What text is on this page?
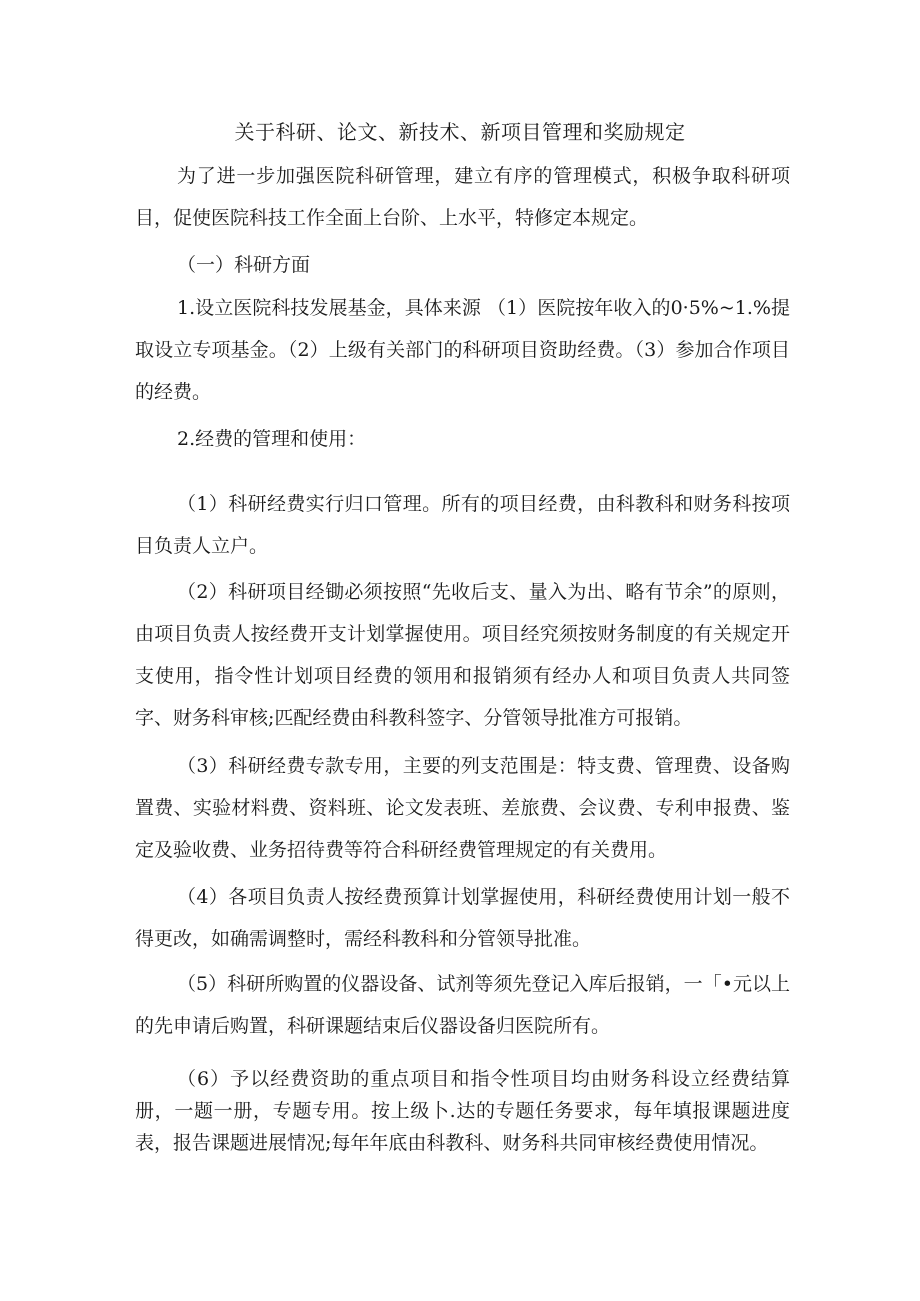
关于科研、论文、新技术、新项目管理和奖励规定

为了进一步加强医院科研管理，建立有序的管理模式，积极争取科研项目，促使医院科技工作全面上台阶、上水平，特修定本规定。

（一）科研方面

1.设立医院科技发展基金，具体来源 （1）医院按年收入的0·5%~1.%提取设立专项基金。（2）上级有关部门的科研项目资助经费。（3）参加合作项目的经费。

2.经费的管理和使用：

（1）科研经费实行归口管理。所有的项目经费，由科教科和财务科按项目负责人立户。

（2）科研项目经锄必须按照“先收后支、量入为出、略有节余”的原则，由项目负责人按经费开支计划掌握使用。项目经究须按财务制度的有关规定开支使用，指令性计划项目经费的领用和报销须有经办人和项目负责人共同签字、财务科审核;匹配经费由科教科签字、分管领导批准方可报销。

（3）科研经费专款专用，主要的列支范围是：特支费、管理费、设备购置费、实验材料费、资料班、论文发表班、差旅费、会议费、专利申报费、鉴定及验收费、业务招待费等符合科研经费管理规定的有关费用。

（4）各项目负责人按经费预算计划掌握使用，科研经费使用计划一般不得更改，如确需调整时，需经科教科和分管领导批准。

（5）科研所购置的仪器设备、试剂等须先登记入库后报销，一「•元以上的先申请后购置，科研课题结束后仪器设备归医院所有。

（6）予以经费资助的重点项目和指令性项目均由财务科设立经费结算册，一题一册，专题专用。按上级卜.达的专题任务要求，每年填报课题进度表，报告课题进展情况;每年年底由科教科、财务科共同审核经费使用情况。
